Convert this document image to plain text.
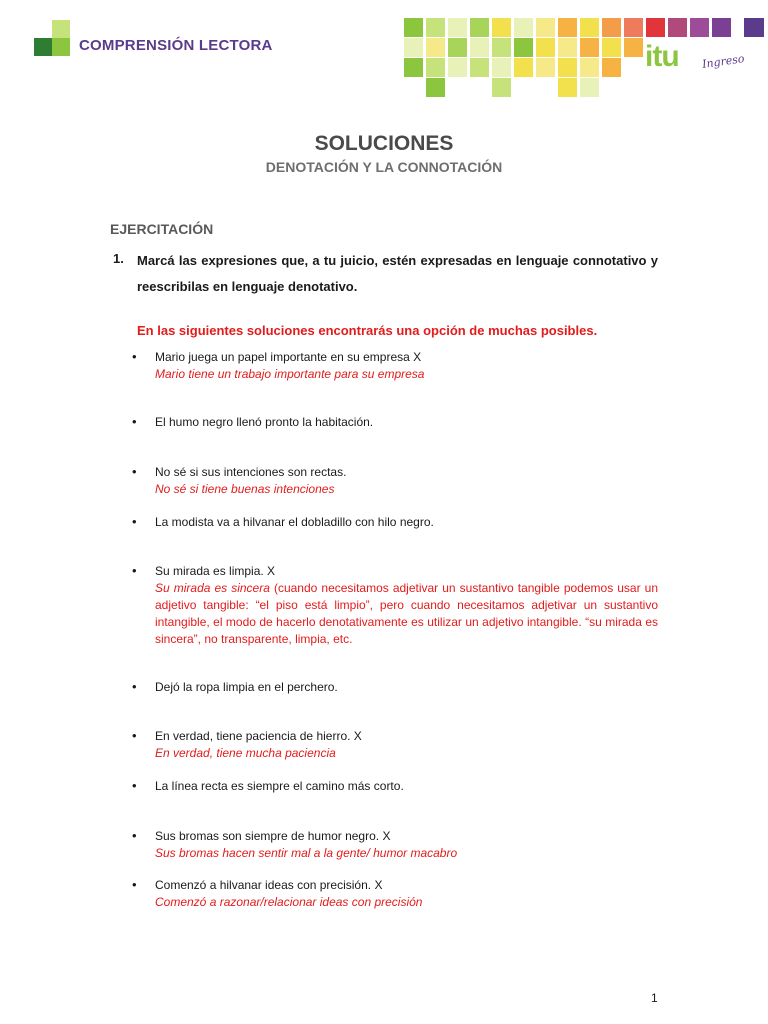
COMPRENSIÓN LECTORA	itu Ingreso
SOLUCIONES
DENOTACIÓN Y LA CONNOTACIÓN
EJERCITACIÓN
1. Marcá las expresiones que, a tu juicio, estén expresadas en lenguaje connotativo y reescribilas en lenguaje denotativo.
En las siguientes soluciones encontrarás una opción de muchas posibles.
• Mario juega un papel importante en su empresa X
Mario tiene un trabajo importante para su empresa
• El humo negro llenó pronto la habitación.
• No sé si sus intenciones son rectas.
No sé si tiene buenas intenciones
• La modista va a hilvanar el dobladillo con hilo negro.
• Su mirada es limpia. X
Su mirada es sincera (cuando necesitamos adjetivar un sustantivo tangible podemos usar un adjetivo tangible: “el piso está limpio”, pero cuando necesitamos adjetivar un sustantivo intangible, el modo de hacerlo denotativamente es utilizar un adjetivo intangible. “su mirada es sincera”, no transparente, limpia, etc.
• Dejó la ropa limpia en el perchero.
• En verdad, tiene paciencia de hierro. X
En verdad, tiene mucha paciencia
• La línea recta es siempre el camino más corto.
• Sus bromas son siempre de humor negro. X
Sus bromas hacen sentir mal a la gente/ humor macabro
• Comenzó a hilvanar ideas con precisión. X
Comenzó a razonar/relacionar ideas con precisión
1
